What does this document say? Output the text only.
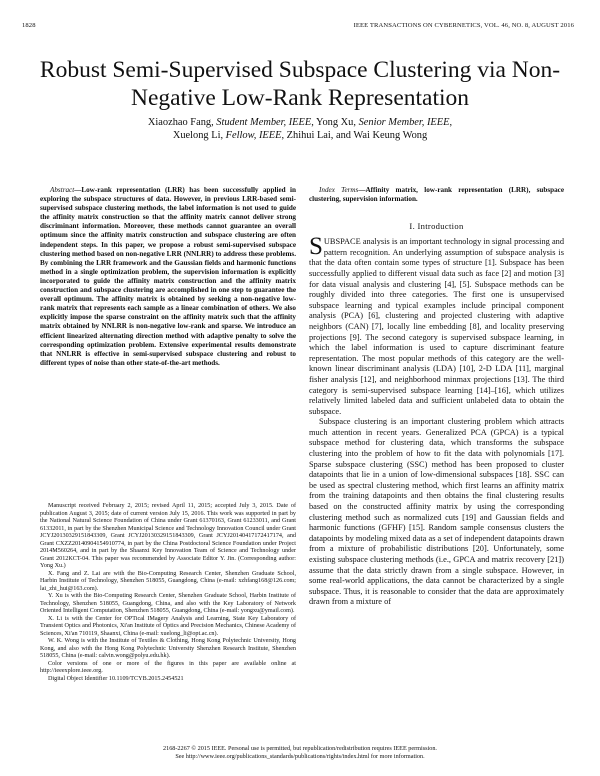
1828	IEEE TRANSACTIONS ON CYBERNETICS, VOL. 46, NO. 8, AUGUST 2016
Robust Semi-Supervised Subspace Clustering via Non-Negative Low-Rank Representation
Xiaozhao Fang, Student Member, IEEE, Yong Xu, Senior Member, IEEE,
Xuelong Li, Fellow, IEEE, Zhihui Lai, and Wai Keung Wong

Abstract—Low-rank representation (LRR) has been successfully applied in exploring the subspace structures of data. However, in previous LRR-based semi-supervised subspace clustering methods, the label information is not used to guide the affinity matrix construction so that the affinity matrix cannot deliver strong discriminant information. Moreover, these methods cannot guarantee an overall optimum since the affinity matrix construction and subspace clustering are often independent steps. In this paper, we propose a robust semi-supervised subspace clustering method based on non-negative LRR (NNLRR) to address these problems. By combining the LRR framework and the Gaussian fields and harmonic functions method in a single optimization problem, the supervision information is explicitly incorporated to guide the affinity matrix construction and the affinity matrix construction and subspace clustering are accomplished in one step to guarantee the overall optimum. The affinity matrix is obtained by seeking a non-negative low-rank matrix that represents each sample as a linear combination of others. We also explicitly impose the sparse constraint on the affinity matrix such that the affinity matrix obtained by NNLRR is non-negative low-rank and sparse. We introduce an efficient linearized alternating direction method with adaptive penalty to solve the corresponding optimization problem. Extensive experimental results demonstrate that NNLRR is effective in semi-supervised subspace clustering and robust to different types of noise than other state-of-the-art methods.

Manuscript received February 2, 2015; revised April 11, 2015; accepted July 3, 2015. Date of publication August 3, 2015; date of current version July 15, 2016. This work was supported in part by the National Natural Science Foundation of China under Grant 61370163, Grant 61233011, and Grant 61332011, in part by the Shenzhen Municipal Science and Technology Innovation Council under Grant JCYJ20130329151843309, Grant JCYJ20130329151843309, Grant JCYJ20140417172417174, and Grant CXZZ20140904154910774, in part by the China Postdoctoral Science Foundation under Project 2014M560264, and in part by the Shaanxi Key Innovation Team of Science and Technology under Grant 2012KCT-04. This paper was recommended by Associate Editor Y. Jin. (Corresponding author: Yong Xu.)

X. Fang and Z. Lai are with the Bio-Computing Research Center, Shenzhen Graduate School, Harbin Institute of Technology, Shenzhen 518055, Guangdong, China (e-mail: xzhfang168@126.com; lai_zhi_hui@163.com).

Y. Xu is with the Bio-Computing Research Center, Shenzhen Graduate School, Harbin Institute of Technology, Shenzhen 518055, Guangdong, China, and also with the Key Laboratory of Network Oriented Intelligent Computation, Shenzhen 518055, Guangdong, China (e-mail: yongxu@ymail.com).

X. Li is with the Center for OPTical IMagery Analysis and Learning, State Key Laboratory of Transient Optics and Photonics, Xi'an Institute of Optics and Precision Mechanics, Chinese Academy of Sciences, Xi'an 710119, Shaanxi, China (e-mail: xuelong_li@opt.ac.cn).

W. K. Wong is with the Institute of Textiles & Clothing, Hong Kong Polytechnic University, Hong Kong, and also with the Hong Kong Polytechnic University Shenzhen Research Institute, Shenzhen 518055, China (e-mail: calvin.wong@polyu.edu.hk).

Color versions of one or more of the figures in this paper are available online at http://ieeexplore.ieee.org.

Digital Object Identifier 10.1109/TCYB.2015.2454521

Index Terms—Affinity matrix, low-rank representation (LRR), subspace clustering, supervision information.

I. Introduction

SUBSPACE analysis is an important technology in signal processing and pattern recognition. An underlying assumption of subspace analysis is that the data often contain some types of structure [1]. Subspace has been successfully applied to different visual data such as face [2] and motion [3] for data visual analysis and clustering [4], [5]. Subspace methods can be roughly divided into three categories. The first one is unsupervised subspace learning and typical examples include principal component analysis (PCA) [6], clustering and projected clustering with adaptive neighbors (CAN) [7], locally line embedding [8], and locality preserving projections [9]. The second category is supervised subspace learning, in which the label information is used to capture discriminant feature representation. The most popular methods of this category are the well-known linear discriminant analysis (LDA) [10], 2-D LDA [11], marginal fisher analysis [12], and neighborhood minmax projections [13]. The third category is semi-supervised subspace learning [14]–[16], which utilizes relatively limited labeled data and sufficient unlabeled data to obtain the subspace.

Subspace clustering is an important clustering problem which attracts much attention in recent years. Generalized PCA (GPCA) is a typical subspace method for clustering data, which transforms the subspace clustering into the problem of how to fit the data with polynomials [17]. Sparse subspace clustering (SSC) method has been proposed to cluster datapoints that lie in a union of low-dimensional subspaces [18]. SSC can be used as spectral clustering method, which first learns an affinity matrix from the training datapoints and then obtains the final clustering results based on the constructed affinity matrix by using the corresponding clustering method such as normalized cuts [19] and Gaussian fields and harmonic functions (GFHF) [15]. Random sample consensus clusters the datapoints by modeling mixed data as a set of independent datapoints drawn from a mixture of probabilistic distributions [20]. Unfortunately, some existing subspace clustering methods (i.e., GPCA and matrix recovery [21]) assume that the data strictly drawn from a single subspace. However, in some real-world applications, the data cannot be characterized by a single subspace. Thus, it is reasonable to consider that the data are approximately drawn from a mixture of

2168-2267 © 2015 IEEE. Personal use is permitted, but republication/redistribution requires IEEE permission.
See http://www.ieee.org/publications_standards/publications/rights/index.html for more information.
